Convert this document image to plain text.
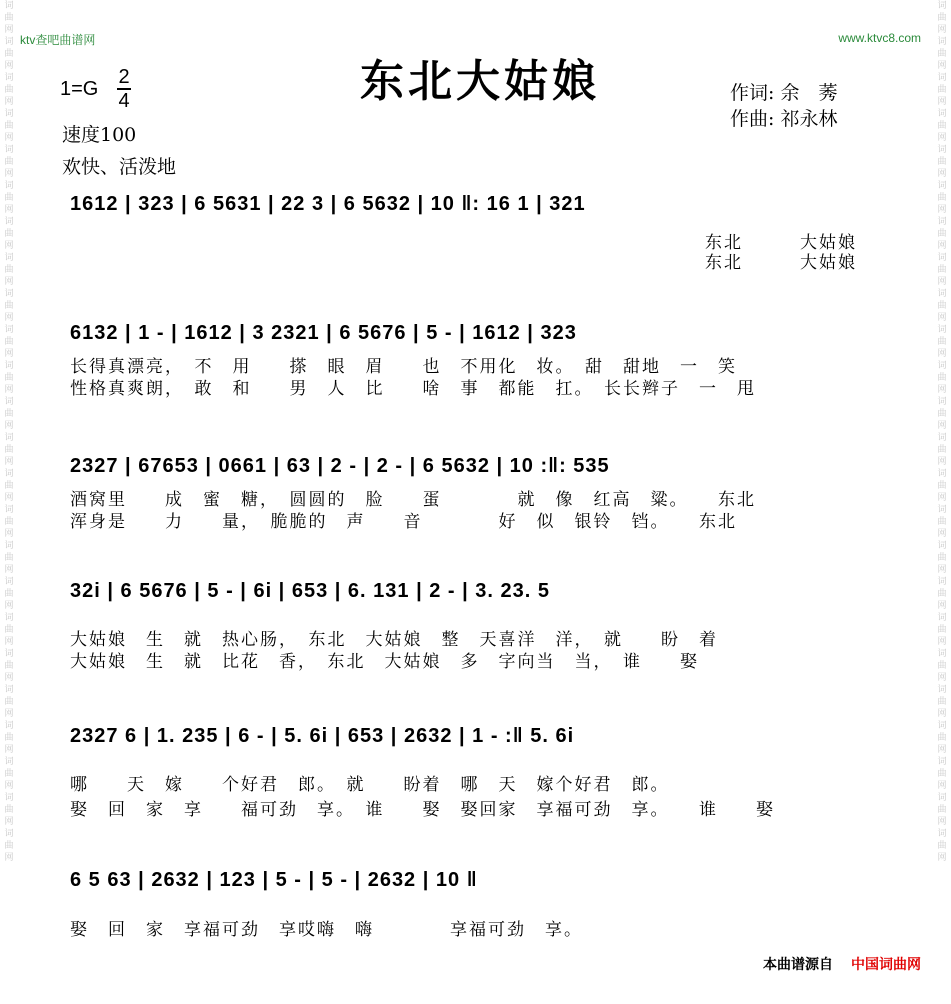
词曲网词曲网词曲网词曲网词曲网词曲网词曲网词曲网词曲网词曲网词曲网词曲网词曲网词曲网词曲网词曲网词曲网词曲网词曲网词曲网词曲网词曲网词曲网词曲网
词曲网词曲网词曲网词曲网词曲网词曲网词曲网词曲网词曲网词曲网词曲网词曲网词曲网词曲网词曲网词曲网词曲网词曲网词曲网词曲网词曲网词曲网词曲网词曲网
ktv查吧曲谱网	www.ktvc8.com
东北大姑娘
1=G
2
4
速度100
欢快、活泼地
作词: 余　莠
作曲: 祁永林
1612 | 323 | 6 5631 | 22 3 | 6 5632 | 10 ‖: 16 1 | 321
东北　　　大姑娘
东北　　　大姑娘
6132 | 1 - | 1612 | 3 2321 | 6 5676 | 5 - | 1612 | 323
长得真漂亮，　不　用　　搽　眼　眉　　也　不用化　妆。　甜　甜地　一　笑
性格真爽朗，　敢　和　　男　人　比　　啥　事　都能　扛。　长长辫子　一　甩
2327 | 67653 | 0661 | 63 | 2 - | 2 - | 6 5632 | 10 :‖: 535
酒窝里　　成　蜜　糖，　圆圆的　脸　　蛋　　　　就　像　红高　粱。　　东北
浑身是　　力　　量，　脆脆的　声　　音　　　　好　似　银铃　铛。　　东北
32i | 6 5676 | 5 - | 6i | 653 | 6. 131 | 2 - | 3. 23. 5
大姑娘　生　就　热心肠，　东北　大姑娘　整　天喜洋　洋，　就　　盼　着
大姑娘　生　就　比花　香，　东北　大姑娘　多　字向当　当，　谁　　娶
2327 6 | 1. 235 | 6 - | 5. 6i | 653 | 2632 | 1 - :‖ 5. 6i
哪　　天　嫁　　个好君　郎。　就　　盼着　哪　天　嫁个好君　郎。
娶　回　家　享　　福可劲　享。　谁　　娶　娶回家　享福可劲　享。　　谁　　娶
6 5 63 | 2632 | 123 | 5 - | 5 - | 2632 | 10 ‖
娶　回　家　享福可劲　享哎嗨　嗨　　　　享福可劲　享。
本曲谱源自 中国词曲网
